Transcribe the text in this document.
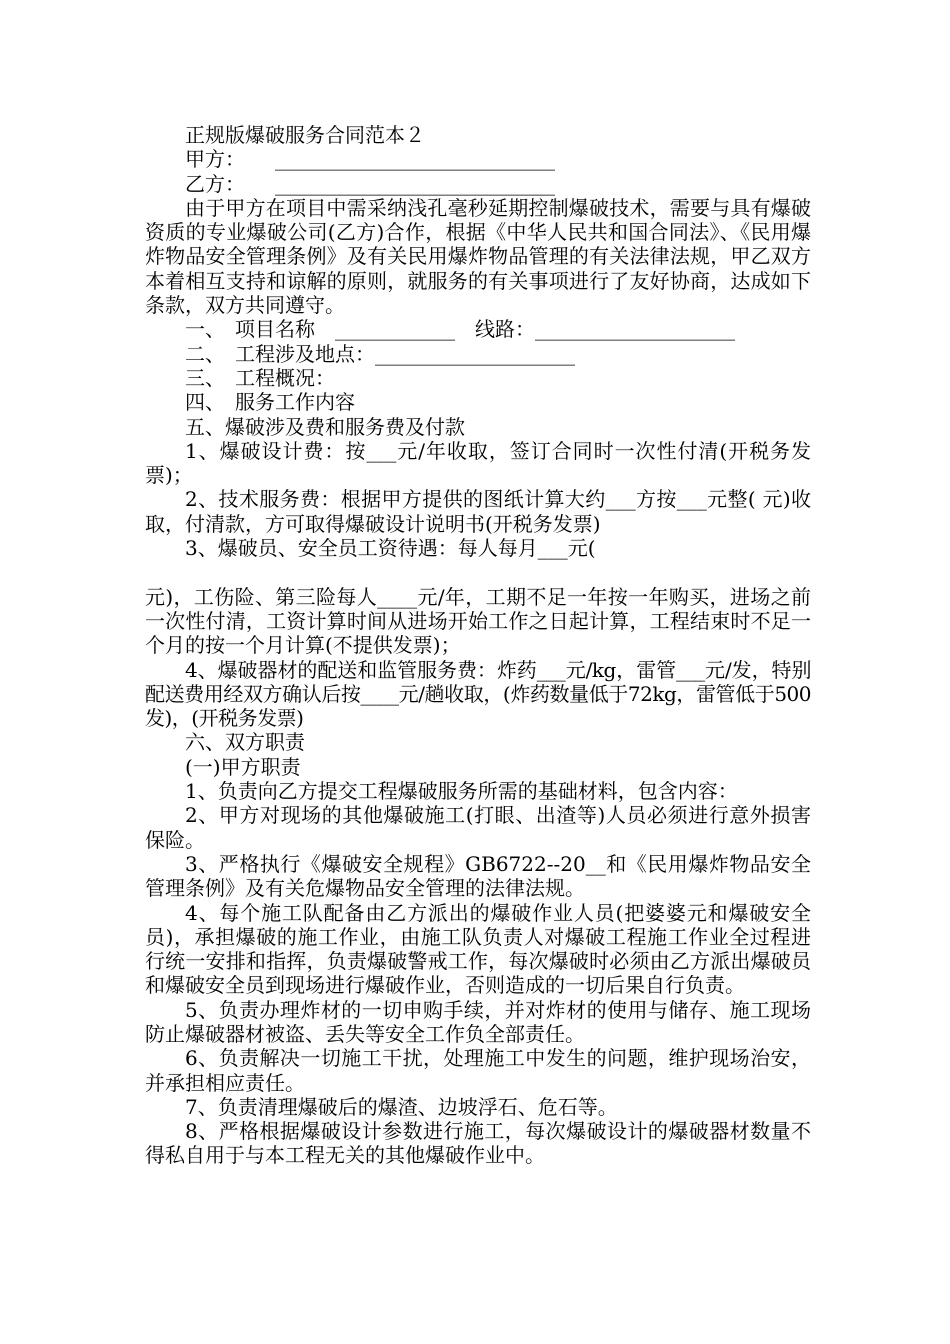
正规版爆破服务合同范本２

甲方：　　____________________________

乙方：　　____________________________

由于甲方在项目中需采纳浅孔毫秒延期控制爆破技术，需要与具有爆破资质的专业爆破公司(乙方)合作，根据《中华人民共和国合同法》、《民用爆炸物品安全管理条例》及有关民用爆炸物品管理的有关法律法规，甲乙双方本着相互支持和谅解的原则，就服务的有关事项进行了友好协商，达成如下条款，双方共同遵守。

一、　项目名称　____________　线路：____________________

二、　工程涉及地点：____________________

三、　工程概况：

四、　服务工作内容

五、爆破涉及费和服务费及付款

1、爆破设计费：按___元/年收取，签订合同时一次性付清(开税务发票)；

2、技术服务费：根据甲方提供的图纸计算大约___方按___元整( 元)收取，付清款，方可取得爆破设计说明书(开税务发票)

3、爆破员、安全员工资待遇：每人每月___元(

元)，工伤险、第三险每人____元/年，工期不足一年按一年购买，进场之前一次性付清，工资计算时间从进场开始工作之日起计算，工程结束时不足一个月的按一个月计算(不提供发票)；

4、爆破器材的配送和监管服务费：炸药___元/kg，雷管___元/发，特别配送费用经双方确认后按____元/趟收取，(炸药数量低于72kg，雷管低于500发)，(开税务发票)

六、双方职责

(一)甲方职责

1、负责向乙方提交工程爆破服务所需的基础材料，包含内容：

2、甲方对现场的其他爆破施工(打眼、出渣等)人员必须进行意外损害保险。

3、严格执行《爆破安全规程》GB6722--20__和《民用爆炸物品安全管理条例》及有关危爆物品安全管理的法律法规。

4、每个施工队配备由乙方派出的爆破作业人员(把婆婆元和爆破安全员)，承担爆破的施工作业，由施工队负责人对爆破工程施工作业全过程进行统一安排和指挥，负责爆破警戒工作，每次爆破时必须由乙方派出爆破员和爆破安全员到现场进行爆破作业，否则造成的一切后果自行负责。

5、负责办理炸材的一切申购手续，并对炸材的使用与储存、施工现场防止爆破器材被盗、丢失等安全工作负全部责任。

6、负责解决一切施工干扰，处理施工中发生的问题，维护现场治安，并承担相应责任。

7、负责清理爆破后的爆渣、边坡浮石、危石等。

8、严格根据爆破设计参数进行施工，每次爆破设计的爆破器材数量不得私自用于与本工程无关的其他爆破作业中。
